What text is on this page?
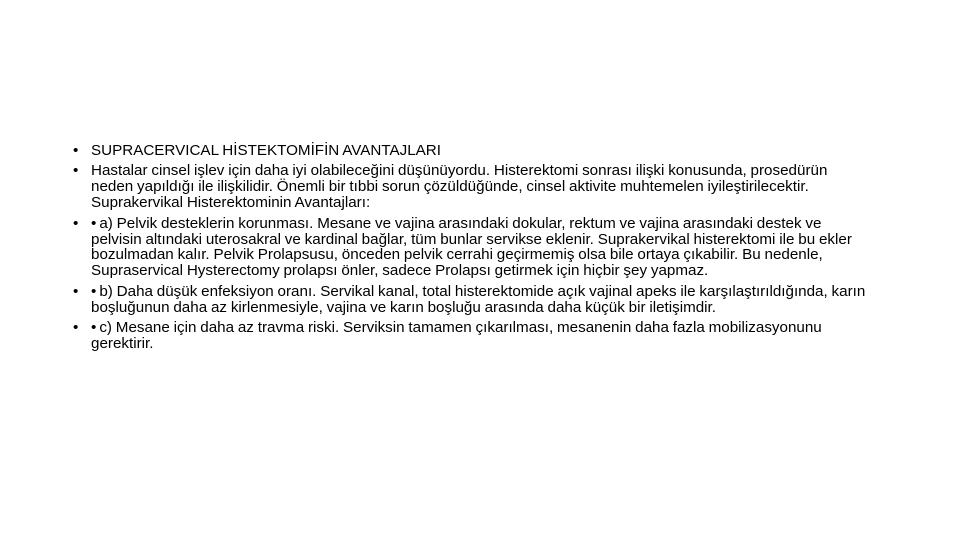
• SUPRACERVICAL HİSTEKTOMİFİN AVANTAJLARI
• Hastalar cinsel işlev için daha iyi olabileceğini düşünüyordu. Histerektomi sonrası ilişki konusunda, prosedürün neden yapıldığı ile ilişkilidir. Önemli bir tıbbi sorun çözüldüğünde, cinsel aktivite muhtemelen iyileştirilecektir. Suprakervikal Histerektominin Avantajları:
• • a) Pelvik desteklerin korunması. Mesane ve vajina arasındaki dokular, rektum ve vajina arasındaki destek ve pelvisin altındaki uterosakral ve kardinal bağlar, tüm bunlar servikse eklenir. Suprakervikal histerektomi ile bu ekler bozulmadan kalır. Pelvik Prolapsusu, önceden pelvik cerrahi geçirmemiş olsa bile ortaya çıkabilir. Bu nedenle, Supraservical Hysterectomy prolapsı önler, sadece Prolapsı getirmek için hiçbir şey yapmaz.
• • b) Daha düşük enfeksiyon oranı. Servikal kanal, total histerektomide açık vajinal apeks ile karşılaştırıldığında, karın boşluğunun daha az kirlenmesiyle, vajina ve karın boşluğu arasında daha küçük bir iletişimdir.
• • c) Mesane için daha az travma riski. Serviksin tamamen çıkarılması, mesanenin daha fazla mobilizasyonunu gerektirir.
